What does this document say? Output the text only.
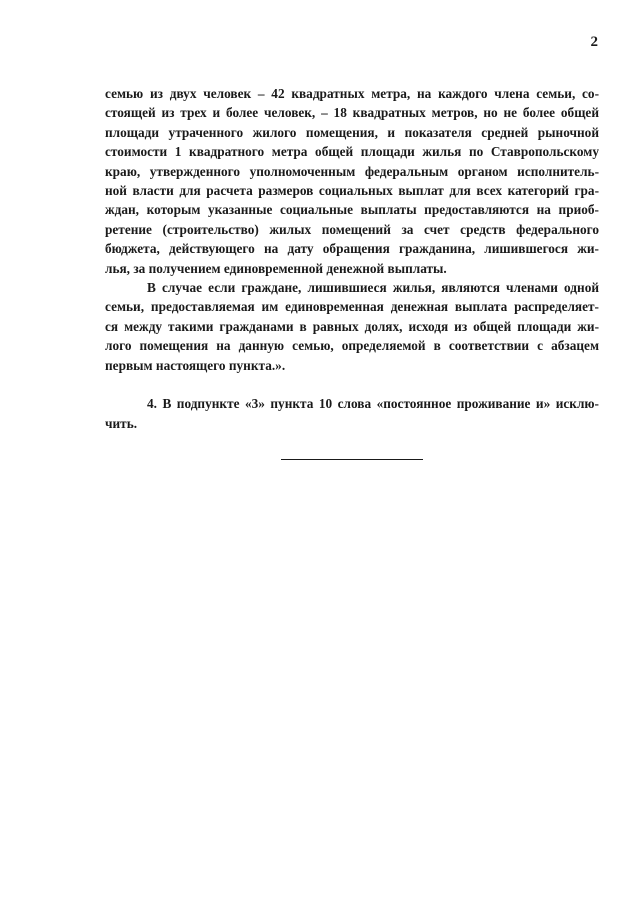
2
семью из двух человек – 42 квадратных метра, на каждого члена семьи, со-
стоящей из трех и более человек, – 18 квадратных метров, но не более общей
площади утраченного жилого помещения, и показателя средней рыночной
стоимости 1 квадратного метра общей площади жилья по Ставропольскому
краю, утвержденного уполномоченным федеральным органом исполнитель-
ной власти для расчета размеров социальных выплат для всех категорий гра-
ждан, которым указанные социальные выплаты предоставляются на приоб-
ретение (строительство) жилых помещений за счет средств федерального
бюджета, действующего на дату обращения гражданина, лишившегося жи-
лья, за получением единовременной денежной выплаты.
В случае если граждане, лишившиеся жилья, являются членами одной
семьи, предоставляемая им единовременная денежная выплата распределяет-
ся между такими гражданами в равных долях, исходя из общей площади жи-
лого помещения на данную семью, определяемой в соответствии с абзацем
первым настоящего пункта.».
4. В подпункте «3» пункта 10 слова «постоянное проживание и» исклю-
чить.
